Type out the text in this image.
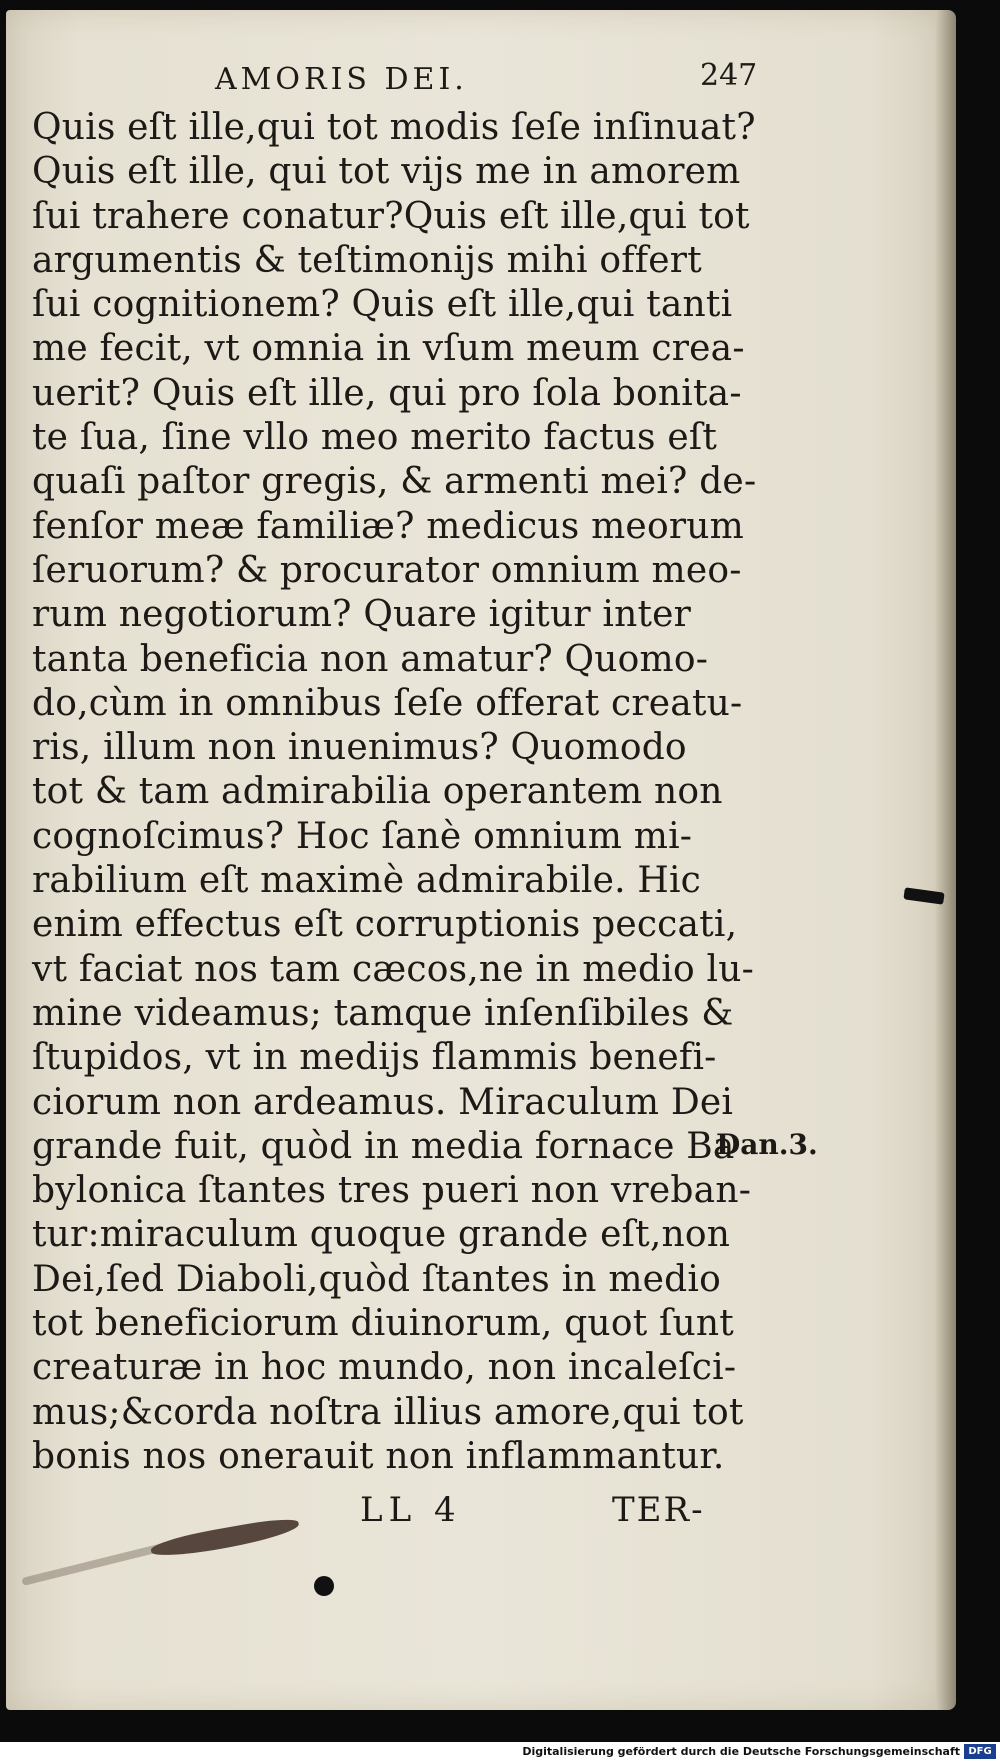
AMORIS DEI.	247
Quis eſt ille,qui tot modis ſeſe inſinuat?
Quis eſt ille, qui tot vijs me in amorem
ſui trahere conatur?Quis eſt ille,qui tot
argumentis & teſtimonijs mihi offert
ſui cognitionem? Quis eſt ille,qui tanti
me fecit, vt omnia in vſum meum crea-
uerit? Quis eſt ille, qui pro ſola bonita-
te ſua, ſine vllo meo merito factus eſt
quaſi paſtor gregis, & armenti mei? de-
fenſor meæ familiæ? medicus meorum
ſeruorum? & procurator omnium meo-
rum negotiorum? Quare igitur inter
tanta beneficia non amatur? Quomo-
do,cùm in omnibus ſeſe offerat creatu-
ris, illum non inuenimus? Quomodo
tot & tam admirabilia operantem non
cognoſcimus? Hoc ſanè omnium mi-
rabilium eſt maximè admirabile. Hic
enim effectus eſt corruptionis peccati,
vt faciat nos tam cæcos,ne in medio lu-
mine videamus; tamque inſenſibiles &
ſtupidos, vt in medijs flammis benefi-
ciorum non ardeamus. Miraculum Dei
grande fuit, quòd in media fornace Ba
bylonica ſtantes tres pueri non vreban-
tur:miraculum quoque grande eſt,non
Dei,ſed Diaboli,quòd ſtantes in medio
tot beneficiorum diuinorum, quot ſunt
creaturæ in hoc mundo, non incaleſci-
mus;&corda noſtra illius amore,qui tot
bonis nos onerauit non inflammantur.
Dan.3.
LL 4	TER-
Digitalisierung gefördert durch die Deutsche Forschungsgemeinschaft DFG
